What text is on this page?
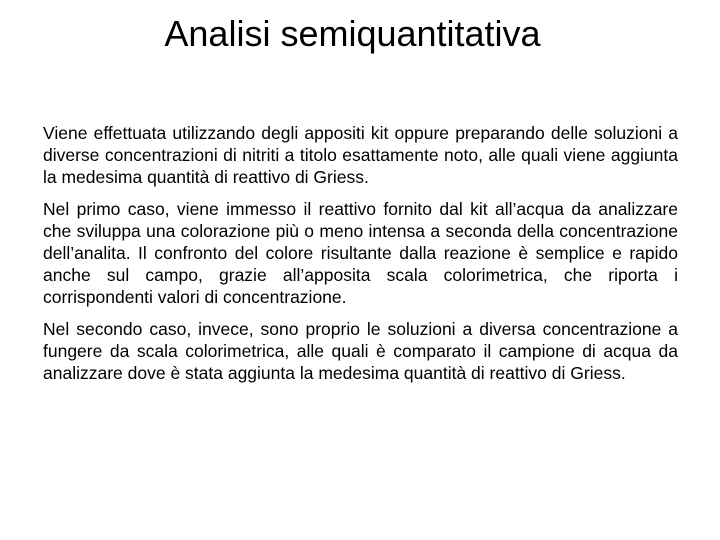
Analisi semiquantitativa

Viene effettuata utilizzando degli appositi kit oppure preparando delle soluzioni a diverse concentrazioni di nitriti a titolo esattamente noto, alle quali viene aggiunta la medesima quantità di reattivo di Griess.

Nel primo caso, viene immesso il reattivo fornito dal kit all’acqua da analizzare che sviluppa una colorazione più o meno intensa a seconda della concentrazione dell’analita. Il confronto del colore risultante dalla reazione è semplice e rapido anche sul campo, grazie all’apposita scala colorimetrica, che riporta i corrispondenti valori di concentrazione.

Nel secondo caso, invece, sono proprio le soluzioni a diversa concentrazione a fungere da scala colorimetrica, alle quali è comparato il campione di acqua da analizzare dove è stata aggiunta la medesima quantità di reattivo di Griess.
